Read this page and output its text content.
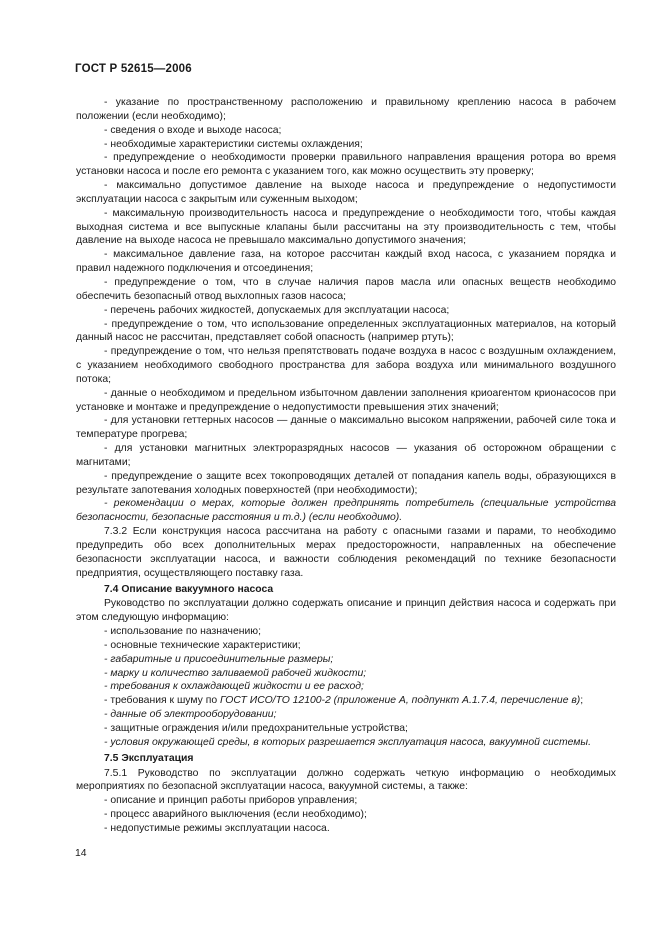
ГОСТ Р 52615—2006

- указание по пространственному расположению и правильному креплению насоса в рабочем положении (если необходимо);

- сведения о входе и выходе насоса;

- необходимые характеристики системы охлаждения;

- предупреждение о необходимости проверки правильного направления вращения ротора во время установки насоса и после его ремонта с указанием того, как можно осуществить эту проверку;

- максимально допустимое давление на выходе насоса и предупреждение о недопустимости эксплуатации насоса с закрытым или суженным выходом;

- максимальную производительность насоса и предупреждение о необходимости того, чтобы каждая выходная система и все выпускные клапаны были рассчитаны на эту производительность с тем, чтобы давление на выходе насоса не превышало максимально допустимого значения;

- максимальное давление газа, на которое рассчитан каждый вход насоса, с указанием порядка и правил надежного подключения и отсоединения;

- предупреждение о том, что в случае наличия паров масла или опасных веществ необходимо обеспечить безопасный отвод выхлопных газов насоса;

- перечень рабочих жидкостей, допускаемых для эксплуатации насоса;

- предупреждение о том, что использование определенных эксплуатационных материалов, на который данный насос не рассчитан, представляет собой опасность (например ртуть);

- предупреждение о том, что нельзя препятствовать подаче воздуха в насос с воздушным охлаждением, с указанием необходимого свободного пространства для забора воздуха или минимального воздушного потока;

- данные о необходимом и предельном избыточном давлении заполнения криоагентом крионасосов при установке и монтаже и предупреждение о недопустимости превышения этих значений;

- для установки геттерных насосов — данные о максимально высоком напряжении, рабочей силе тока и температуре прогрева;

- для установки магнитных электроразрядных насосов — указания об осторожном обращении с магнитами;

- предупреждение о защите всех токопроводящих деталей от попадания капель воды, образующихся в результате запотевания холодных поверхностей (при необходимости);

- рекомендации о мерах, которые должен предпринять потребитель (специальные устройства безопасности, безопасные расстояния и т.д.) (если необходимо).

7.3.2 Если конструкция насоса рассчитана на работу с опасными газами и парами, то необходимо предупредить обо всех дополнительных мерах предосторожности, направленных на обеспечение безопасности эксплуатации насоса, и важности соблюдения рекомендаций по технике безопасности предприятия, осуществляющего поставку газа.

7.4 Описание вакуумного насоса

Руководство по эксплуатации должно содержать описание и принцип действия насоса и содержать при этом следующую информацию:

- использование по назначению;

- основные технические характеристики;

- габаритные и присоединительные размеры;

- марку и количество заливаемой рабочей жидкости;

- требования к охлаждающей жидкости и ее расход;

- требования к шуму по ГОСТ ИСО/ТО 12100-2 (приложение А, подпункт А.1.7.4, перечисление в);

- данные об электрооборудовании;

- защитные ограждения и/или предохранительные устройства;

- условия окружающей среды, в которых разрешается эксплуатация насоса, вакуумной системы.

7.5 Эксплуатация

7.5.1 Руководство по эксплуатации должно содержать четкую информацию о необходимых мероприятиях по безопасной эксплуатации насоса, вакуумной системы, а также:

- описание и принцип работы приборов управления;

- процесс аварийного выключения (если необходимо);

- недопустимые режимы эксплуатации насоса.

14
